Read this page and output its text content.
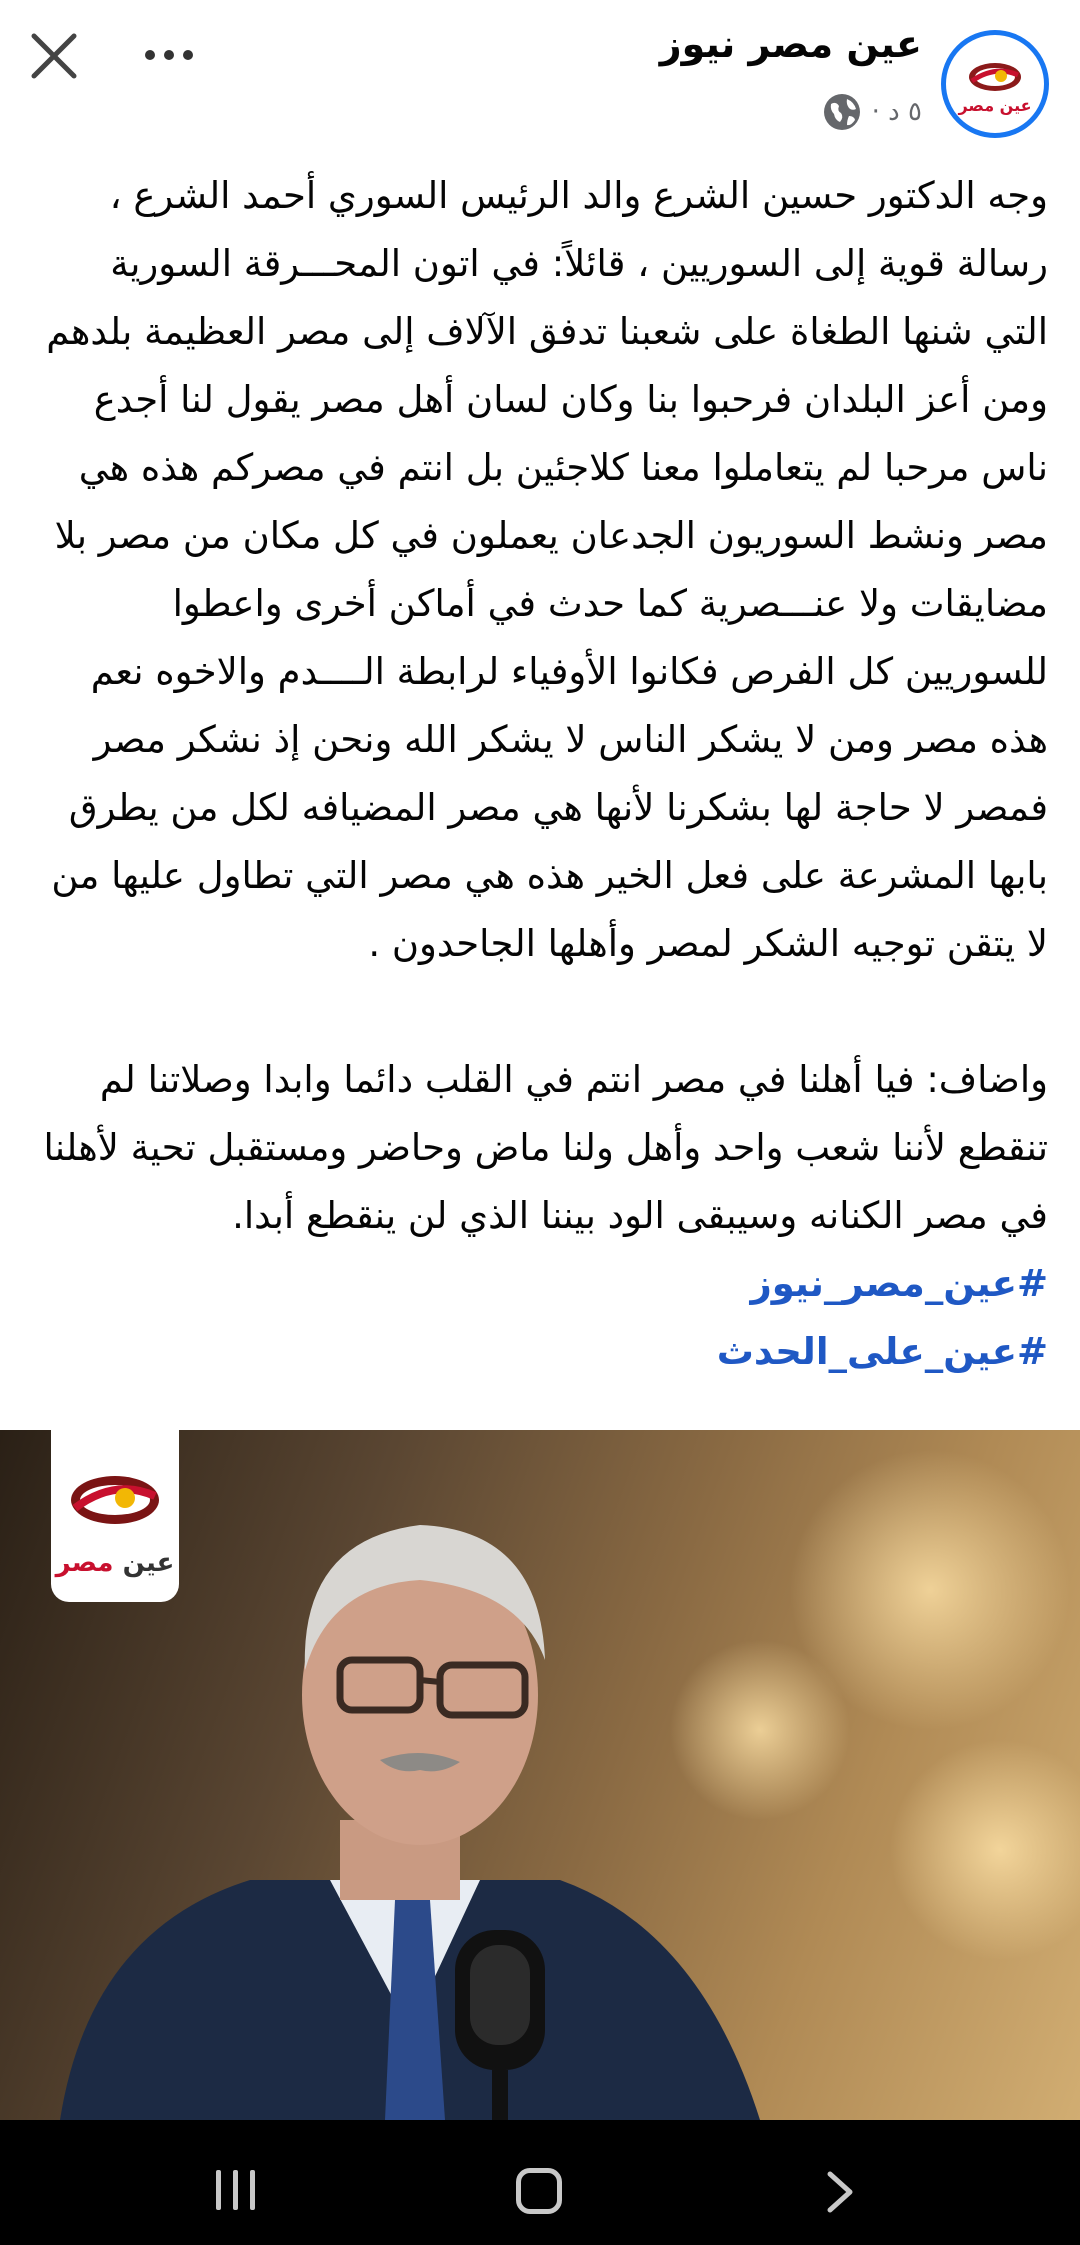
عين مصر
عين مصر نيوز
٥ د ·

وجه الدكتور حسين الشرع والد الرئيس السوري أحمد الشرع ، رسالة قوية إلى السوريين ، قائلاً: في اتون المحـــرقة السورية التي شنها الطغاة على شعبنا تدفق الآلاف إلى مصر العظيمة بلدهم ومن أعز البلدان فرحبوا بنا وكان لسان أهل مصر يقول لنا أجدع ناس مرحبا لم يتعاملوا معنا كلاجئين بل انتم في مصركم هذه هي مصر ونشط السوريون الجدعان يعملون في كل مكان من مصر بلا مضايقات ولا عنـــصرية كما حدث في أماكن أخرى واعطوا للسوريين كل الفرص فكانوا الأوفياء لرابطة الــــدم والاخوه نعم هذه مصر ومن لا يشكر الناس لا يشكر الله ونحن إذ نشكر مصر فمصر لا حاجة لها بشكرنا لأنها هي مصر المضيافه لكل من يطرق بابها المشرعة على فعل الخير هذه هي مصر التي تطاول عليها من لا يتقن توجيه الشكر لمصر وأهلها الجاحدون .

واضاف: فيا أهلنا في مصر انتم في القلب دائما وابدا وصلاتنا لم تنقطع لأننا شعب واحد وأهل ولنا ماض وحاضر ومستقبل تحية لأهلنا في مصر الكنانه وسيبقى الود بيننا الذي لن ينقطع أبدا.

#عين_مصر_نيوز

#عين_على_الحدث

عين مصر
